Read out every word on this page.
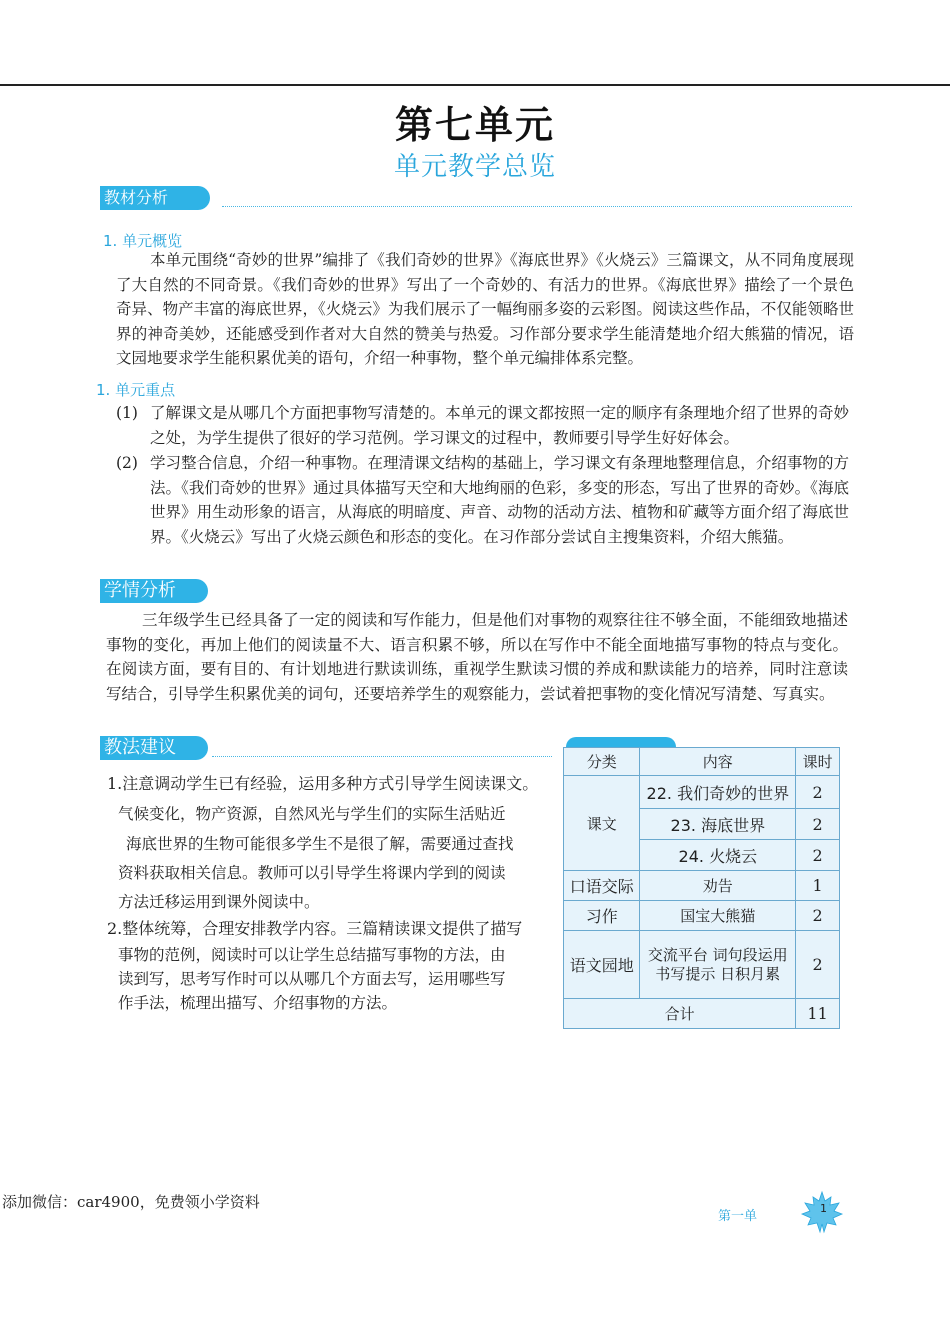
第七单元
单元教学总览
教材分析
1. 单元概览
本单元围绕“奇妙的世界”编排了《我们奇妙的世界》《海底世界》《火烧云》三篇课文，从不同角度展现了大自然的不同奇景。《我们奇妙的世界》写出了一个奇妙的、有活力的世界。《海底世界》描绘了一个景色奇异、物产丰富的海底世界，《火烧云》为我们展示了一幅绚丽多姿的云彩图。阅读这些作品，不仅能领略世界的神奇美妙，还能感受到作者对大自然的赞美与热爱。习作部分要求学生能清楚地介绍大熊猫的情况，语文园地要求学生能积累优美的语句，介绍一种事物，整个单元编排体系完整。
1. 单元重点
(1) 了解课文是从哪几个方面把事物写清楚的。本单元的课文都按照一定的顺序有条理地介绍了世界的奇妙之处，为学生提供了很好的学习范例。学习课文的过程中，教师要引导学生好好体会。
(2) 学习整合信息，介绍一种事物。在理清课文结构的基础上，学习课文有条理地整理信息，介绍事物的方法。《我们奇妙的世界》通过具体描写天空和大地绚丽的色彩，多变的形态，写出了世界的奇妙。《海底世界》用生动形象的语言，从海底的明暗度、声音、动物的活动方法、植物和矿藏等方面介绍了海底世界。《火烧云》写出了火烧云颜色和形态的变化。在习作部分尝试自主搜集资料，介绍大熊猫。
学情分析
三年级学生已经具备了一定的阅读和写作能力，但是他们对事物的观察往往不够全面，不能细致地描述事物的变化，再加上他们的阅读量不大、语言积累不够，所以在写作中不能全面地描写事物的特点与变化。在阅读方面，要有目的、有计划地进行默读训练，重视学生默读习惯的养成和默读能力的培养，同时注意读写结合，引导学生积累优美的词句，还要培养学生的观察能力，尝试着把事物的变化情况写清楚、写真实。
教法建议
1.注意调动学生已有经验，运用多种方式引导学生阅读课文。
气候变化，物产资源，自然风光与学生们的实际生活贴近
海底世界的生物可能很多学生不是很了解，需要通过查找
资料获取相关信息。教师可以引导学生将课内学到的阅读
方法迁移运用到课外阅读中。
2.整体统筹，合理安排教学内容。三篇精读课文提供了描写
事物的范例，阅读时可以让学生总结描写事物的方法，由
读到写，思考写作时可以从哪几个方面去写，运用哪些写
作手法，梳理出描写、介绍事物的方法。
分类	内容	课时
课文	22. 我们奇妙的世界	2
	23. 海底世界	2
	24. 火烧云	2
口语交际	劝告	1
习作	国宝大熊猫	2
语文园地	交流平台 词句段运用 书写提示 日积月累	2
合计		11
添加微信：car4900，免费领小学资料
第一单
1
